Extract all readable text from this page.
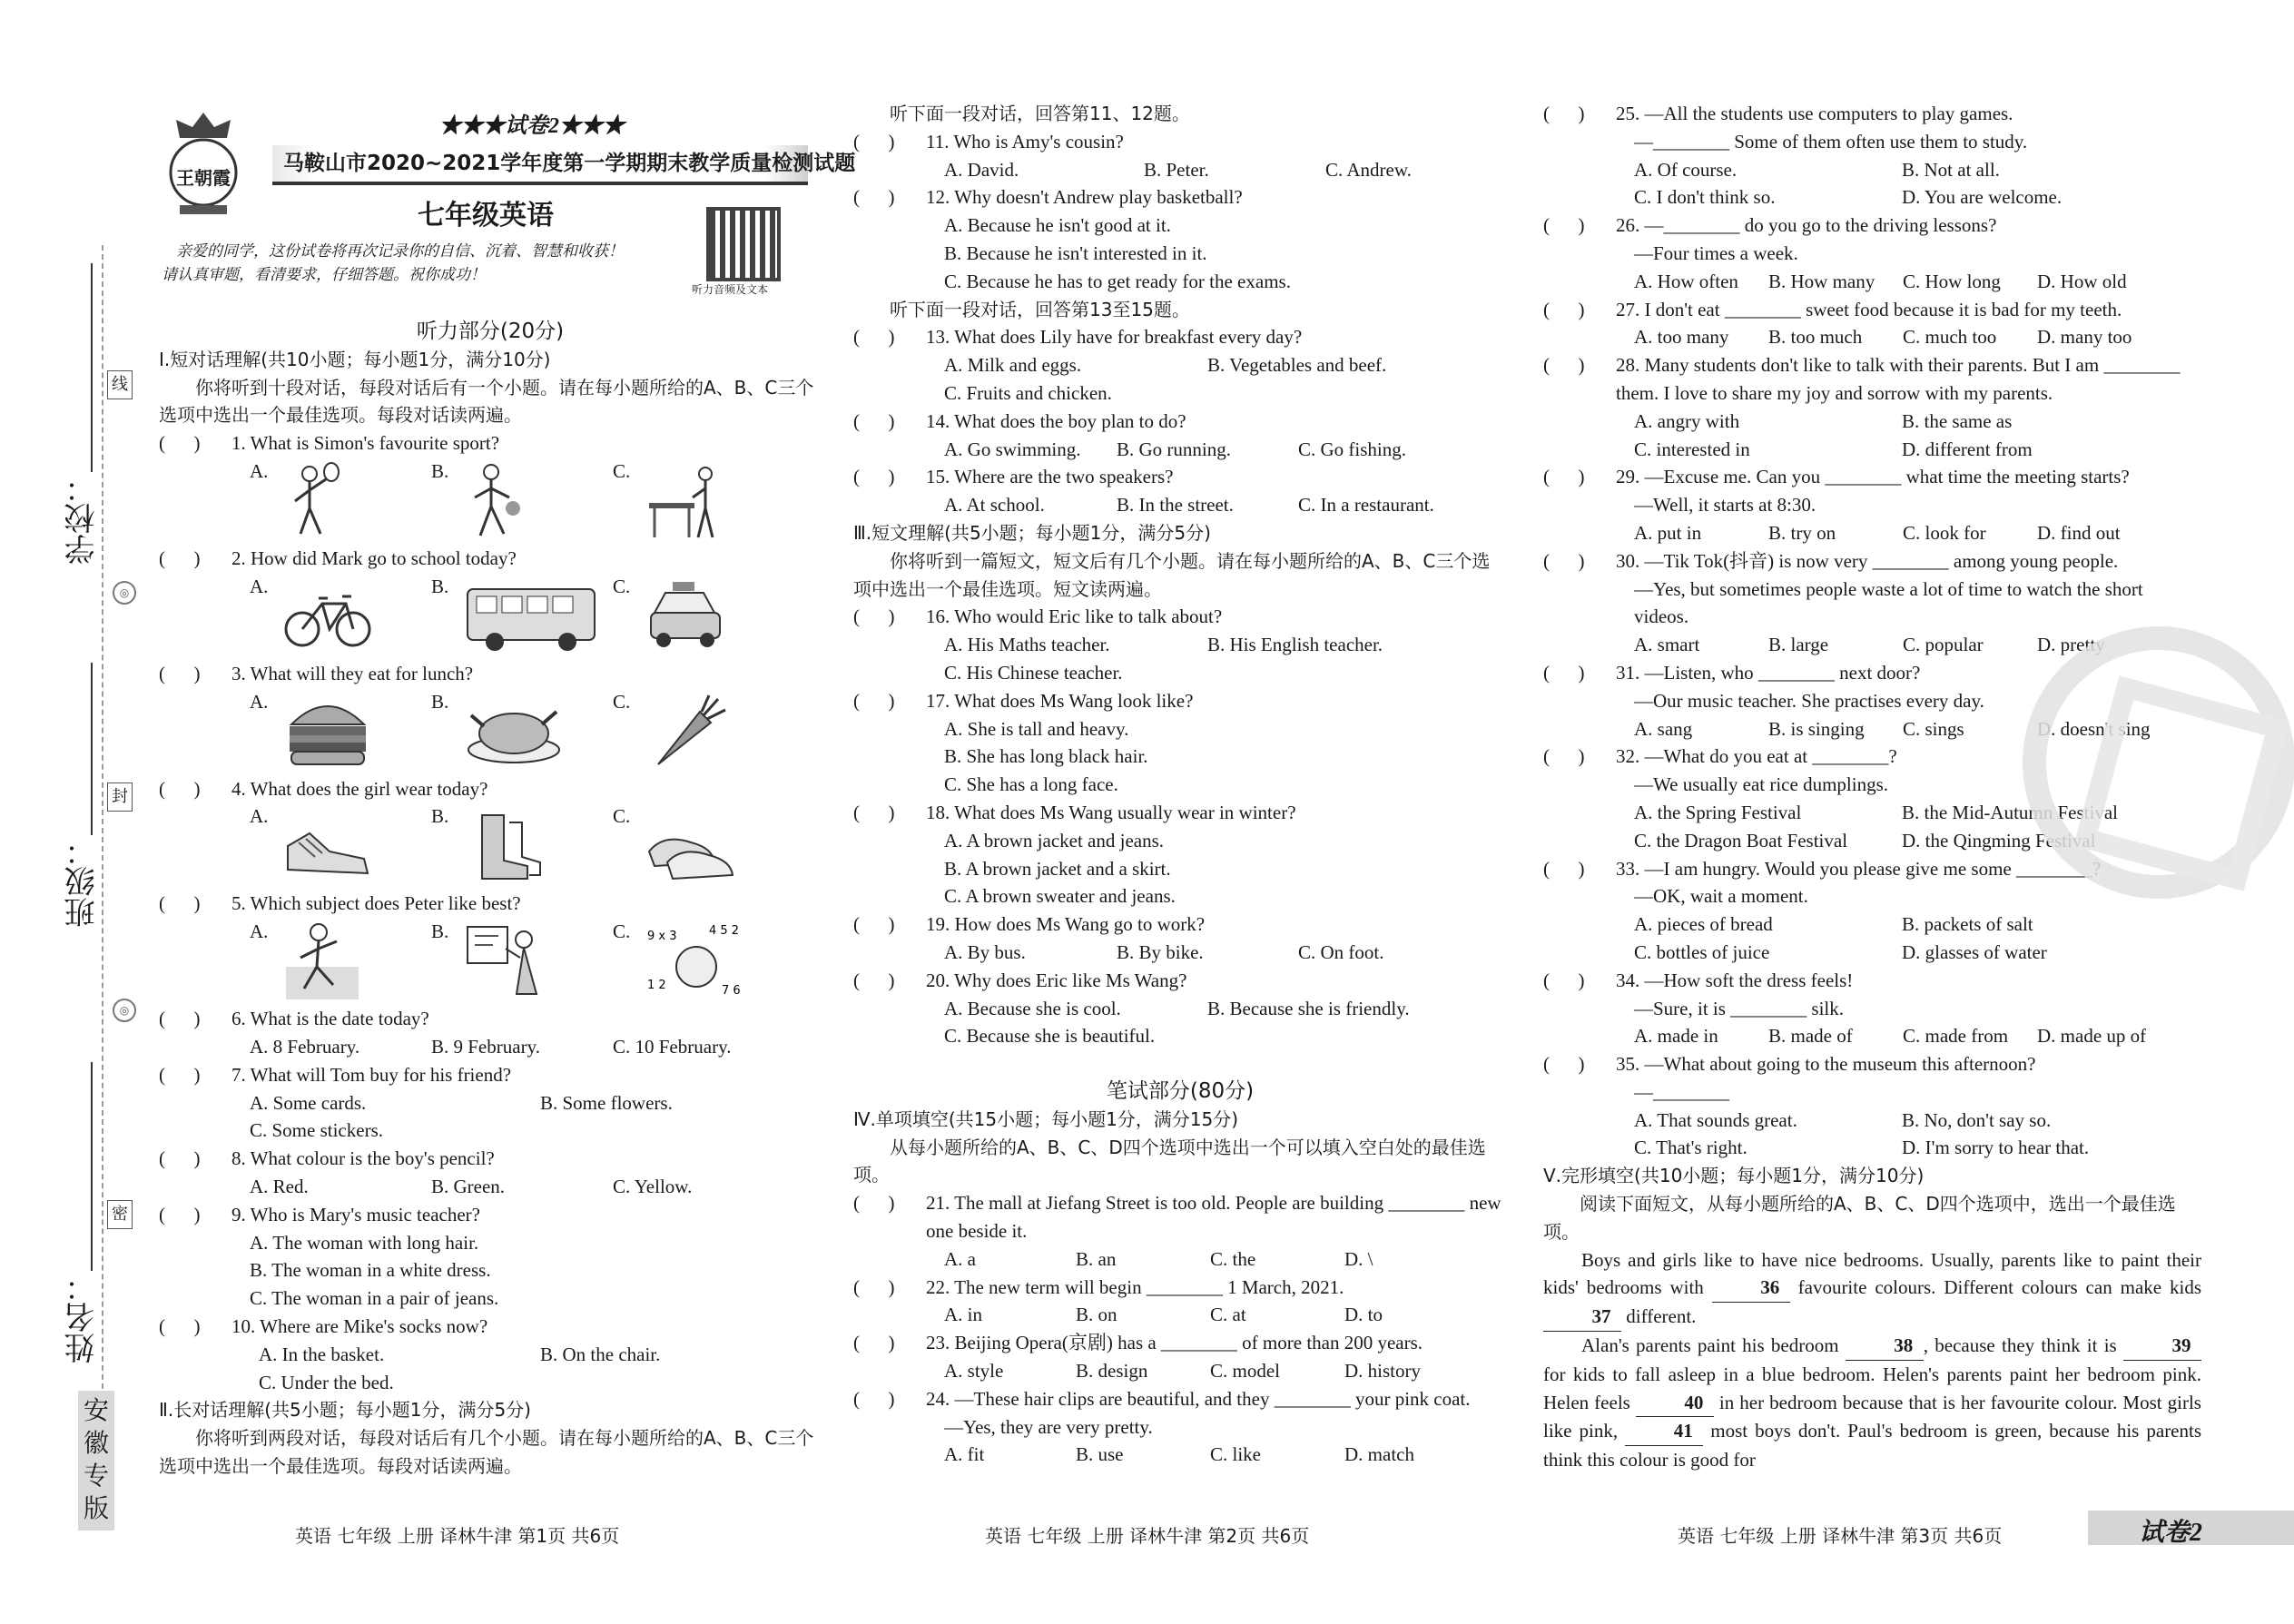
学校：
班级：
姓名：
线
封
密
◎
◎
安徽专版
王朝霞
★★★试卷2★★★
马鞍山市2020~2021学年度第一学期期末教学质量检测试题
七年级英语
亲爱的同学，这份试卷将再次记录你的自信、沉着、智慧和收获！
请认真审题，看清要求，仔细答题。祝你成功！
听力音频及文本
听力部分(20分)
Ⅰ.短对话理解(共10小题；每小题1分，满分10分)
你将听到十段对话，每段对话后有一个小题。请在每小题所给的A、B、C三个选项中选出一个最佳选项。每段对话读两遍。
(      ) 1. What is Simon's favourite sport?
A.	B.	C.
(      ) 2. How did Mark go to school today?
A.	B.	C.
(      ) 3. What will they eat for lunch?
A.	B.	C.
(      ) 4. What does the girl wear today?
A.	B.	C.
(      ) 5. Which subject does Peter like best?
A.	B.	C. 9 x 3	4 5 2
1 2	7 6
(      ) 6. What is the date today?
A. 8 February.	B. 9 February.	C. 10 February.
(      ) 7. What will Tom buy for his friend?
A. Some cards.	B. Some flowers.
C. Some stickers.
(      ) 8. What colour is the boy's pencil?
A. Red.	B. Green.	C. Yellow.
(      ) 9. Who is Mary's music teacher?
A. The woman with long hair.
B. The woman in a white dress.
C. The woman in a pair of jeans.
(      ) 10. Where are Mike's socks now?
A. In the basket.	B. On the chair.
C. Under the bed.
Ⅱ.长对话理解(共5小题；每小题1分，满分5分)
你将听到两段对话，每段对话后有几个小题。请在每小题所给的A、B、C三个选项中选出一个最佳选项。每段对话读两遍。
听下面一段对话，回答第11、12题。
(      ) 11. Who is Amy's cousin?
A. David.	B. Peter.	C. Andrew.
(      ) 12. Why doesn't Andrew play basketball?
A. Because he isn't good at it.
B. Because he isn't interested in it.
C. Because he has to get ready for the exams.
听下面一段对话，回答第13至15题。
(      ) 13. What does Lily have for breakfast every day?
A. Milk and eggs.	B. Vegetables and beef.
C. Fruits and chicken.
(      ) 14. What does the boy plan to do?
A. Go swimming.	B. Go running.	C. Go fishing.
(      ) 15. Where are the two speakers?
A. At school.	B. In the street.	C. In a restaurant.
Ⅲ.短文理解(共5小题；每小题1分，满分5分)
你将听到一篇短文，短文后有几个小题。请在每小题所给的A、B、C三个选项中选出一个最佳选项。短文读两遍。
(      ) 16. Who would Eric like to talk about?
A. His Maths teacher.	B. His English teacher.
C. His Chinese teacher.
(      ) 17. What does Ms Wang look like?
A. She is tall and heavy.
B. She has long black hair.
C. She has a long face.
(      ) 18. What does Ms Wang usually wear in winter?
A. A brown jacket and jeans.
B. A brown jacket and a skirt.
C. A brown sweater and jeans.
(      ) 19. How does Ms Wang go to work?
A. By bus.	B. By bike.	C. On foot.
(      ) 20. Why does Eric like Ms Wang?
A. Because she is cool.	B. Because she is friendly.
C. Because she is beautiful.
笔试部分(80分)
Ⅳ.单项填空(共15小题；每小题1分，满分15分)
从每小题所给的A、B、C、D四个选项中选出一个可以填入空白处的最佳选项。
(      ) 21. The mall at Jiefang Street is too old. People are building ________ new one beside it.
A. a	B. an	C. the	D. \
(      ) 22. The new term will begin ________ 1 March, 2021.
A. in	B. on	C. at	D. to
(      ) 23. Beijing Opera(京剧) has a ________ of more than 200 years.
A. style	B. design	C. model	D. history
(      ) 24. —These hair clips are beautiful, and they ________ your pink coat.
—Yes, they are very pretty.
A. fit	B. use	C. like	D. match
(      ) 25. —All the students use computers to play games.
—________ Some of them often use them to study.
A. Of course.	B. Not at all.
C. I don't think so.	D. You are welcome.
(      ) 26. —________ do you go to the driving lessons?
—Four times a week.
A. How often	B. How many	C. How long	D. How old
(      ) 27. I don't eat ________ sweet food because it is bad for my teeth.
A. too many	B. too much	C. much too	D. many too
(      ) 28. Many students don't like to talk with their parents. But I am ________ them. I love to share my joy and sorrow with my parents.
A. angry with	B. the same as
C. interested in	D. different from
(      ) 29. —Excuse me. Can you ________ what time the meeting starts?
—Well, it starts at 8:30.
A. put in	B. try on	C. look for	D. find out
(      ) 30. —Tik Tok(抖音) is now very ________ among young people.
—Yes, but sometimes people waste a lot of time to watch the short videos.
A. smart	B. large	C. popular	D. pretty
(      ) 31. —Listen, who ________ next door?
—Our music teacher. She practises every day.
A. sang	B. is singing	C. sings	D. doesn't sing
(      ) 32. —What do you eat at ________?
—We usually eat rice dumplings.
A. the Spring Festival	B. the Mid-Autumn Festival
C. the Dragon Boat Festival	D. the Qingming Festival
(      ) 33. —I am hungry. Would you please give me some ________?
—OK, wait a moment.
A. pieces of bread	B. packets of salt
C. bottles of juice	D. glasses of water
(      ) 34. —How soft the dress feels!
—Sure, it is ________ silk.
A. made in	B. made of	C. made from	D. made up of
(      ) 35. —What about going to the museum this afternoon?
—________
A. That sounds great.	B. No, don't say so.
C. That's right.	D. I'm sorry to hear that.
Ⅴ.完形填空(共10小题；每小题1分，满分10分)
阅读下面短文，从每小题所给的A、B、C、D四个选项中，选出一个最佳选项。
Boys and girls like to have nice bedrooms. Usually, parents like to paint their kids' bedrooms with	36 favourite colours. Different colours can make kids 37 different.
Alan's parents paint his bedroom	38 , because they think it is	39 for kids to fall asleep in a blue bedroom. Helen's parents paint her bedroom pink. Helen feels	40 in her bedroom because that is her favourite colour. Most girls like pink,	41 most boys don't. Paul's bedroom is green, because his parents think this colour is good for
英语 七年级 上册 译林牛津 第1页 共6页	英语 七年级 上册 译林牛津 第2页 共6页	英语 七年级 上册 译林牛津 第3页 共6页	试卷2
